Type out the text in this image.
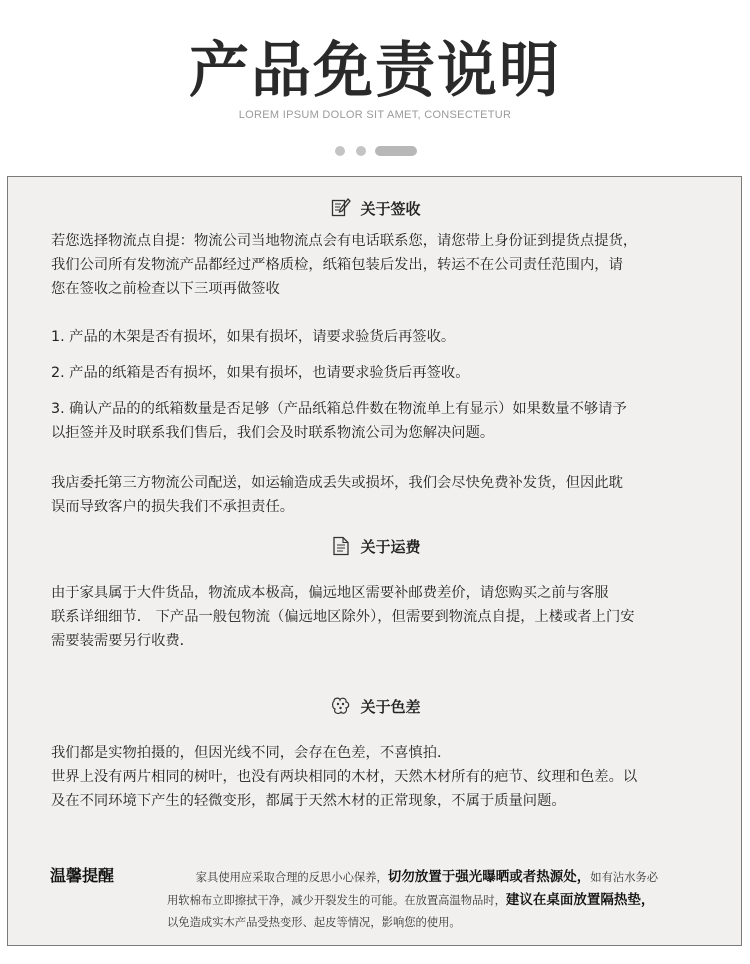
产品免责说明
LOREM IPSUM DOLOR SIT AMET, CONSECTETUR
关于签收
若您选择物流点自提：物流公司当地物流点会有电话联系您，请您带上身份证到提货点提货，
我们公司所有发物流产品都经过严格质检，纸箱包装后发出，转运不在公司责任范围内，请
您在签收之前检查以下三项再做签收
1. 产品的木架是否有损坏，如果有损坏，请要求验货后再签收。
2. 产品的纸箱是否有损坏，如果有损坏，也请要求验货后再签收。
3. 确认产品的的纸箱数量是否足够（产品纸箱总件数在物流单上有显示）如果数量不够请予
以拒签并及时联系我们售后，我们会及时联系物流公司为您解决问题。
我店委托第三方物流公司配送，如运输造成丢失或损坏，我们会尽快免费补发货，但因此耽
误而导致客户的损失我们不承担责任。
关于运费
由于家具属于大件货品，物流成本极高，偏远地区需要补邮费差价，请您购买之前与客服
联系详细细节． 下产品一般包物流（偏远地区除外），但需要到物流点自提，上楼或者上门安
需要装需要另行收费．
关于色差
我们都是实物拍摄的，但因光线不同，会存在色差，不喜慎拍．
世界上没有两片相同的树叶，也没有两块相同的木材，天然木材所有的疤节、纹理和色差。以
及在不同环境下产生的轻微变形，都属于天然木材的正常现象，不属于质量问题。
温馨提醒	家具使用应采取合理的反思小心保养，切勿放置于强光曝晒或者热源处，如有沾水务必
用软棉布立即擦拭干净，减少开裂发生的可能。在放置高温物品时，建议在桌面放置隔热垫，
以免造成实木产品受热变形、起皮等情况，影响您的使用。
